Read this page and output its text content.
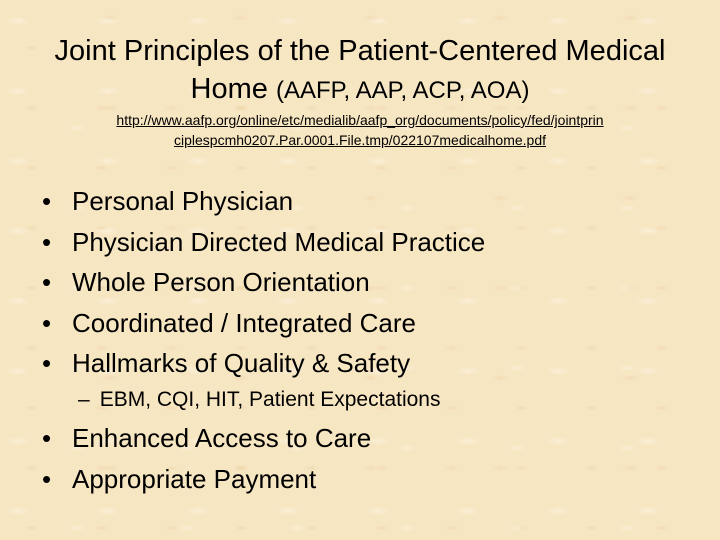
Joint Principles of the Patient-Centered Medical Home (AAFP, AAP, ACP, AOA)
http://www.aafp.org/online/etc/medialib/aafp_org/documents/policy/fed/jointprin
ciplespcmh0207.Par.0001.File.tmp/022107medicalhome.pdf
• Personal Physician
• Physician Directed Medical Practice
• Whole Person Orientation
• Coordinated / Integrated Care
• Hallmarks of Quality & Safety
– EBM, CQI, HIT, Patient Expectations
• Enhanced Access to Care
• Appropriate Payment
